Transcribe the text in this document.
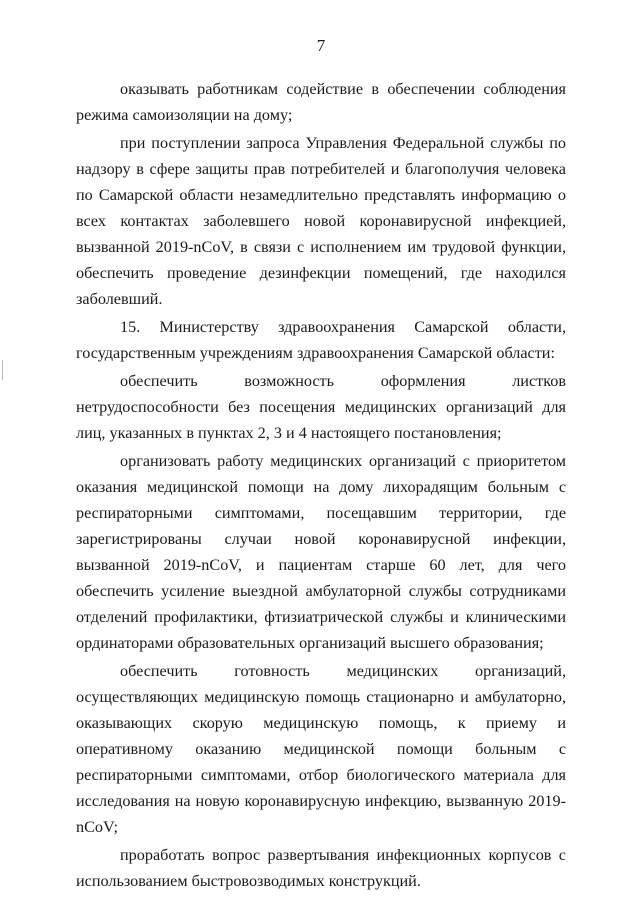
7

оказывать работникам содействие в обеспечении соблюдения режима самоизоляции на дому;

при поступлении запроса Управления Федеральной службы по надзору в сфере защиты прав потребителей и благополучия человека по Самарской области незамедлительно представлять информацию о всех контактах заболевшего новой коронавирусной инфекцией, вызванной 2019-nCoV, в связи с исполнением им трудовой функции, обеспечить проведение дезинфекции помещений, где находился заболевший.

15. Министерству здравоохранения Самарской области, государственным учреждениям здравоохранения Самарской области:

обеспечить возможность оформления листков нетрудоспособности без посещения медицинских организаций для лиц, указанных в пунктах 2, 3 и 4 настоящего постановления;

организовать работу медицинских организаций с приоритетом оказания медицинской помощи на дому лихорадящим больным с респираторными симптомами, посещавшим территории, где зарегистрированы случаи новой коронавирусной инфекции, вызванной 2019-nCoV, и пациентам старше 60 лет, для чего обеспечить усиление выездной амбулаторной службы сотрудниками отделений профилактики, фтизиатрической службы и клиническими ординаторами образовательных организаций высшего образования;

обеспечить готовность медицинских организаций, осуществляющих медицинскую помощь стационарно и амбулаторно, оказывающих скорую медицинскую помощь, к приему и оперативному оказанию медицинской помощи больным с респираторными симптомами, отбор биологического материала для исследования на новую коронавирусную инфекцию, вызванную 2019-nCoV;

проработать вопрос развертывания инфекционных корпусов с использованием быстровозводимых конструкций.
